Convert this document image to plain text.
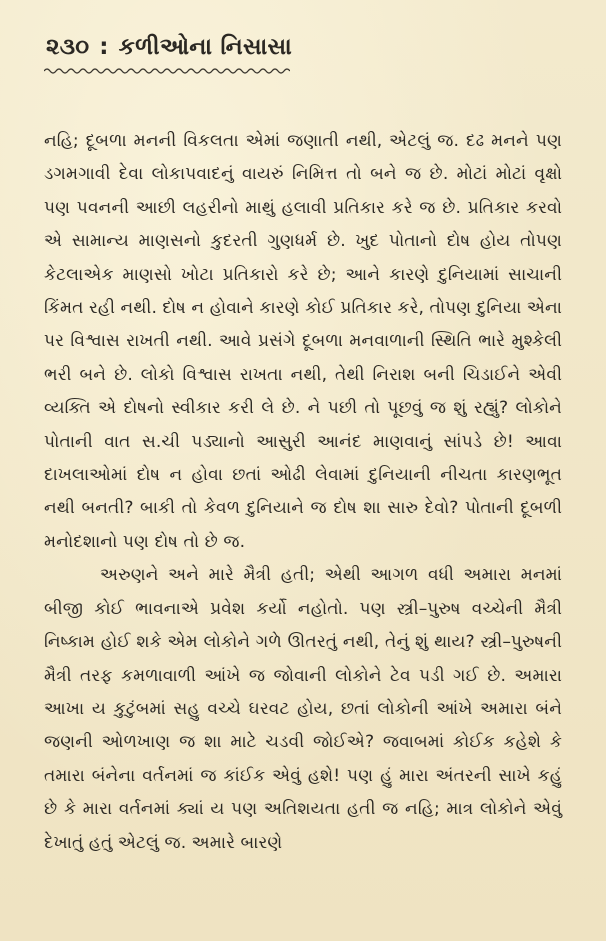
૨૩૦ : કળીઓના નિસાસા

નહિ; દૂબળા મનની વિકલતા એમાં જણાતી નથી, એટલું જ. દઢ મનને પણ ડગમગાવી દેવા લોકાપવાદનું વાયરું નિમિત્ત તો બને જ છે. મોટાં મોટાં વૃક્ષો પણ પવનની આછી લહરીનો માથું હલાવી પ્રતિકાર કરે જ છે. પ્રતિકાર કરવો એ સામાન્ય માણસનો કુદરતી ગુણધર્મ છે. ખુદ પોતાનો દોષ હોય તોપણ કેટલાએક માણસો ખોટા પ્રતિકારો કરે છે; આને કારણે દુનિયામાં સાચાની કિંમત રહી નથી. દોષ ન હોવાને કારણે કોઈ પ્રતિકાર કરે, તોપણ દુનિયા એના પર વિશ્વાસ રાખતી નથી. આવે પ્રસંગે દૂબળા મનવાળાની સ્થિતિ ભારે મુશ્કેલી ભરી બને છે. લોકો વિશ્વાસ રાખતા નથી, તેથી નિરાશ બની ચિડાઈને એવી વ્યક્તિ એ દોષનો સ્વીકાર કરી લે છે. ને પછી તો પૂછવું જ શું રહ્યું? લોકોને પોતાની વાત સ.ચી પડ્યાનો આસુરી આનંદ માણવાનું સાંપડે છે! આવા દાખલાઓમાં દોષ ન હોવા છતાં ઓઢી લેવામાં દુનિયાની નીચતા કારણભૂત નથી બનતી? બાકી તો કેવળ દુનિયાને જ દોષ શા સારુ દેવો? પોતાની દૂબળી મનોદશાનો પણ દોષ તો છે જ.

અરુણને અને મારે મૈત્રી હતી; એથી આગળ વધી અમારા મનમાં બીજી કોઈ ભાવનાએ પ્રવેશ કર્યો નહોતો. પણ સ્ત્રી–પુરુષ વચ્ચેની મૈત્રી નિષ્કામ હોઈ શકે એમ લોકોને ગળે ઊતરતું નથી, તેનું શું થાય? સ્ત્રી–પુરુષની મૈત્રી તરફ કમળાવાળી આંખે જ જોવાની લોકોને ટેવ પડી ગઈ છે. અમારા આખા ય કુટુંબમાં સહુ વચ્ચે ઘરવટ હોય, છતાં લોકોની આંખે અમારા બંને જણની ઓળખાણ જ શા માટે ચડવી જોઈએ? જવાબમાં કોઈક કહેશે કે તમારા બંનેના વર્તનમાં જ કાંઈક એવું હશે! પણ હું મારા અંતરની સાખે કહું છે કે મારા વર્તનમાં ક્યાં ય પણ અતિશયતા હતી જ નહિ; માત્ર લોકોને એવું દેખાતું હતું એટલું જ. અમારે બારણે
